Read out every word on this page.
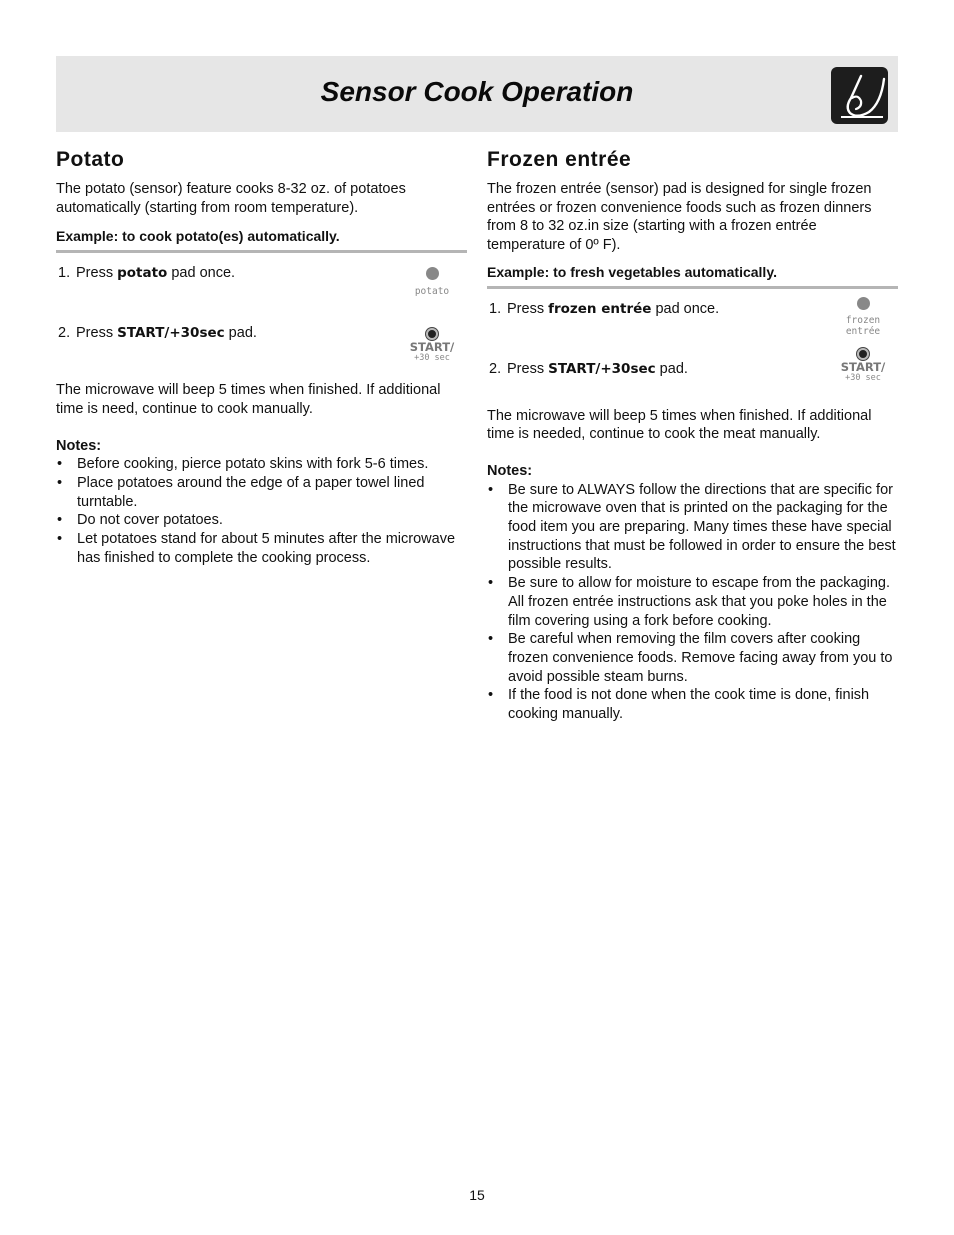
Sensor Cook Operation
Potato

The potato (sensor) feature cooks 8-32 oz. of potatoes automatically (starting from room temperature).

Example: to cook potato(es) automatically.
1. Press potato pad once.
potato
2. Press START/+30sec pad.
START/
+30 sec

The microwave will beep 5 times when finished. If additional time is need, continue to cook manually.

Notes:
• Before cooking, pierce potato skins with fork 5-6 times.
• Place potatoes around the edge of a paper towel lined turntable.
• Do not cover potatoes.
• Let potatoes stand for about 5 minutes after the microwave has finished to complete the cooking process.
Frozen entrée

The frozen entrée (sensor) pad is designed for single frozen entrées or frozen convenience foods such as frozen dinners from 8 to 32 oz.in size (starting with a frozen entrée temperature of 0º F).

Example: to fresh vegetables automatically.
1. Press frozen entrée pad once.
frozen
entrée
2. Press START/+30sec pad.	START/
+30 sec

The microwave will beep 5 times when finished. If additional time is needed, continue to cook the meat manually.

Notes:
• Be sure to ALWAYS follow the directions that are specific for the microwave oven that is printed on the packaging for the food item you are preparing. Many times these have special instructions that must be followed in order to ensure the best possible results.
• Be sure to allow for moisture to escape from the packaging. All frozen entrée instructions ask that you poke holes in the film covering using a fork before cooking.
• Be careful when removing the film covers after cooking frozen convenience foods. Remove facing away from you to avoid possible steam burns.
• If the food is not done when the cook time is done, finish cooking manually.
15
